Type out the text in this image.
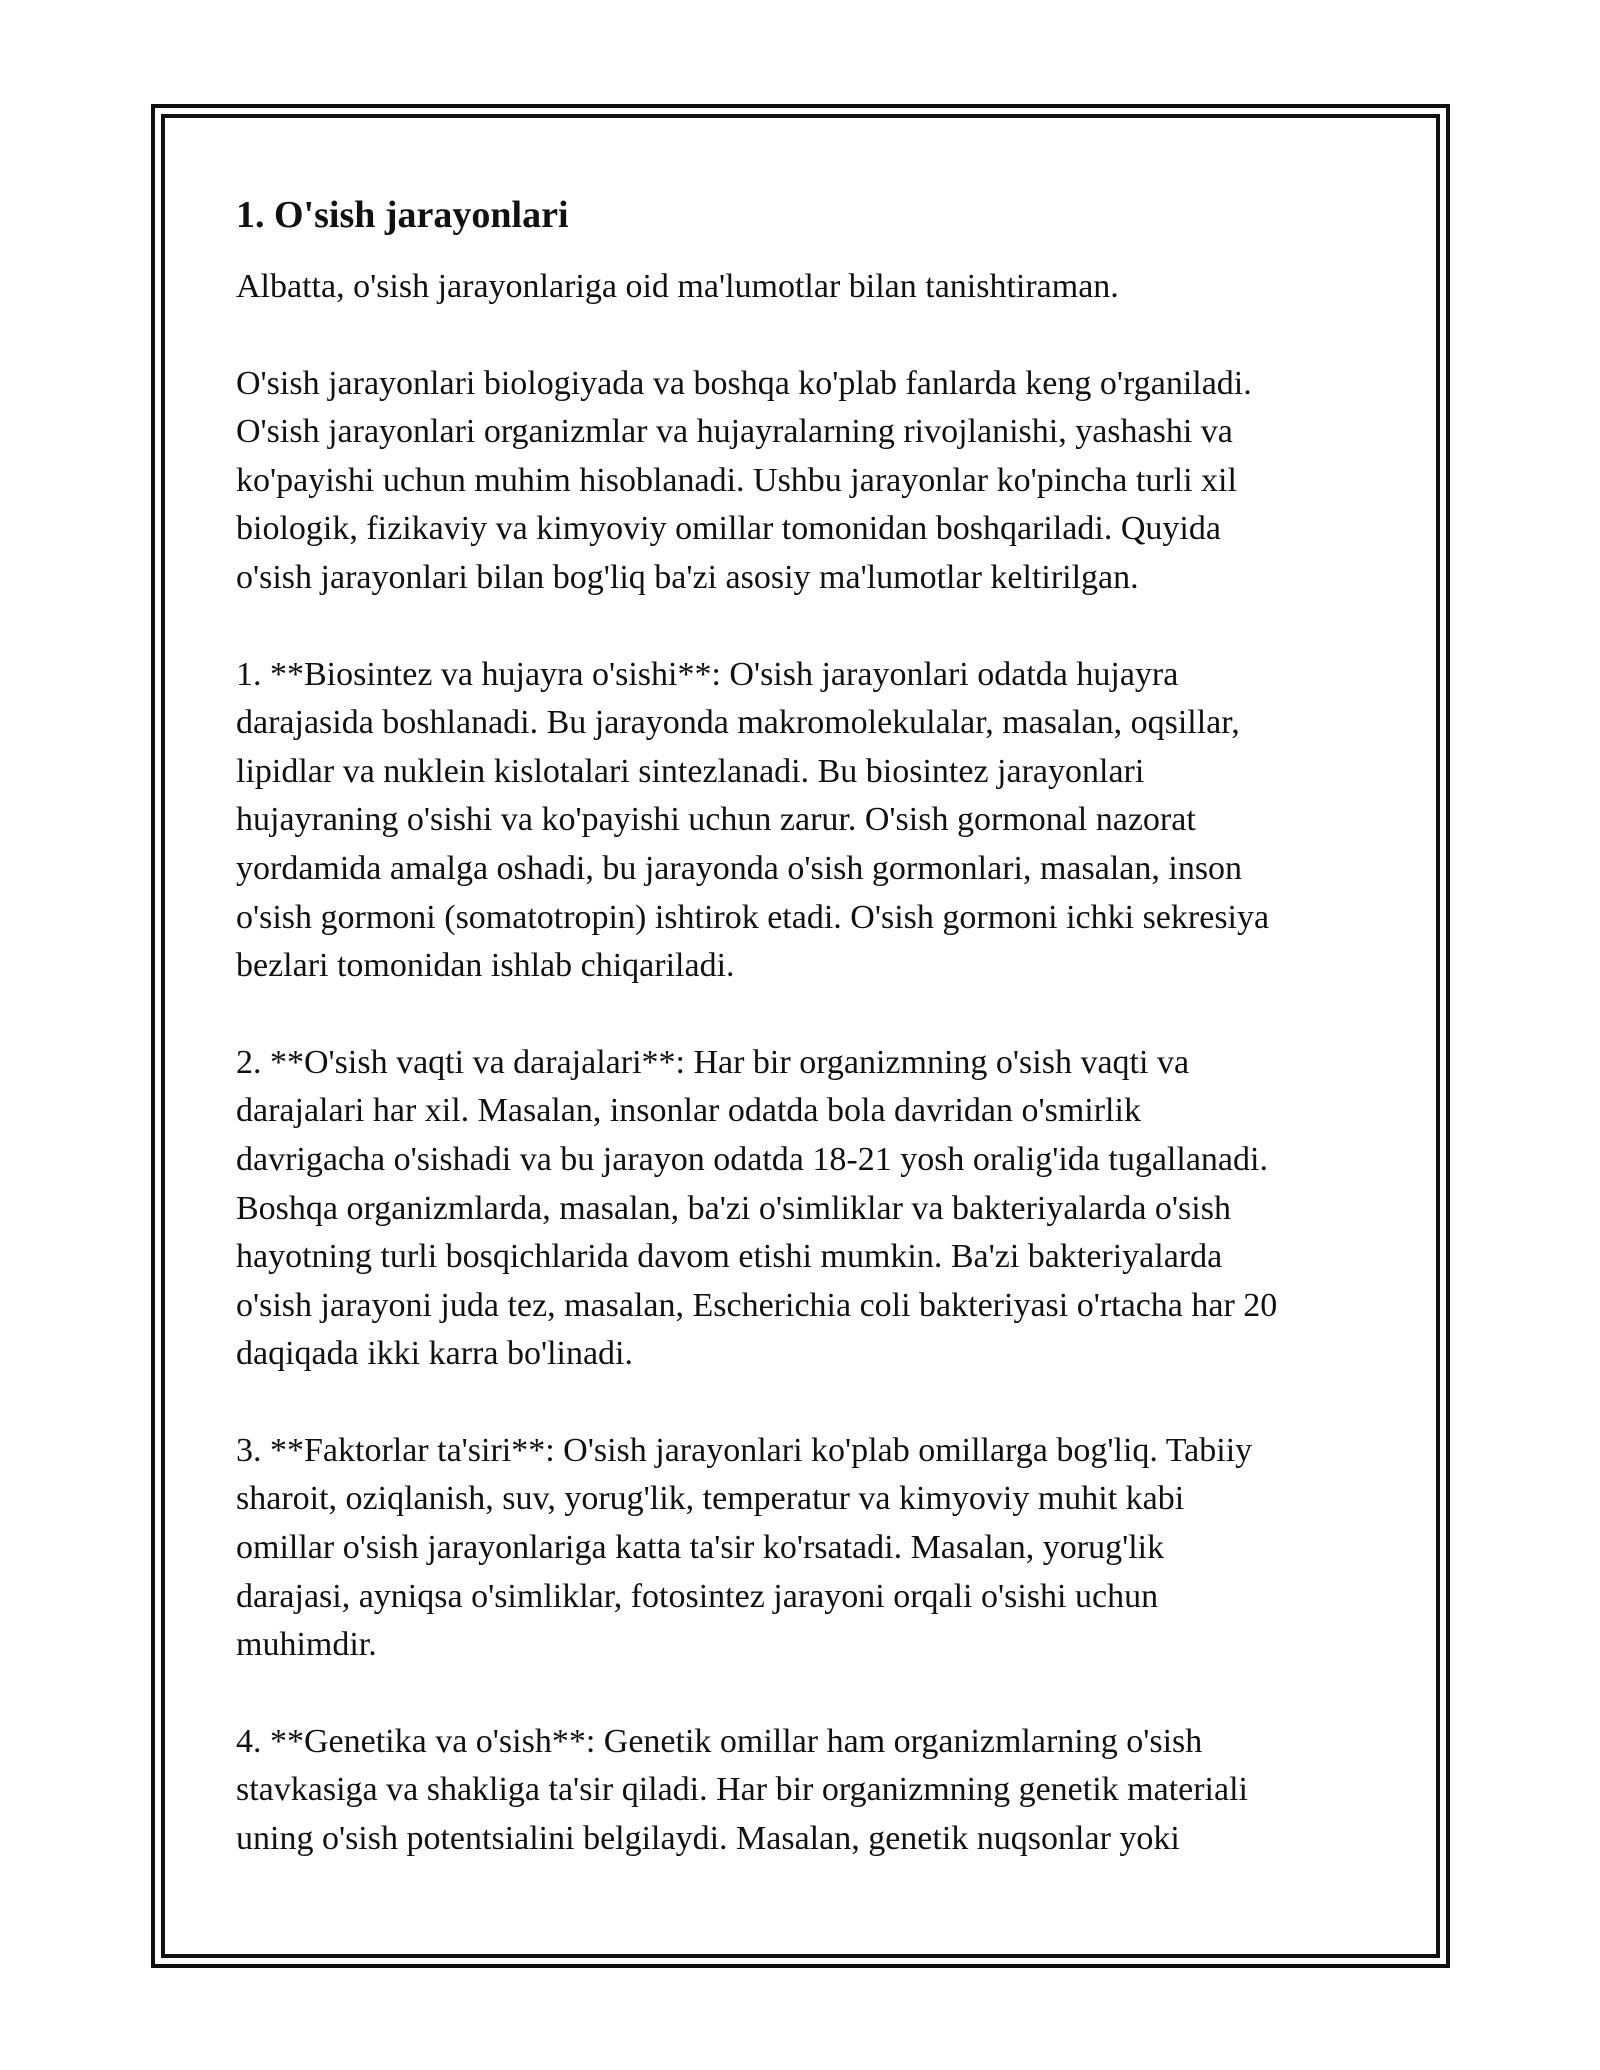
1. O'sish jarayonlari

Albatta, o'sish jarayonlariga oid ma'lumotlar bilan tanishtiraman.

O'sish jarayonlari biologiyada va boshqa ko'plab fanlarda keng o'rganiladi.
O'sish jarayonlari organizmlar va hujayralarning rivojlanishi, yashashi va
ko'payishi uchun muhim hisoblanadi. Ushbu jarayonlar ko'pincha turli xil
biologik, fizikaviy va kimyoviy omillar tomonidan boshqariladi. Quyida
o'sish jarayonlari bilan bog'liq ba'zi asosiy ma'lumotlar keltirilgan.

1. **Biosintez va hujayra o'sishi**: O'sish jarayonlari odatda hujayra
darajasida boshlanadi. Bu jarayonda makromolekulalar, masalan, oqsillar,
lipidlar va nuklein kislotalari sintezlanadi. Bu biosintez jarayonlari
hujayraning o'sishi va ko'payishi uchun zarur. O'sish gormonal nazorat
yordamida amalga oshadi, bu jarayonda o'sish gormonlari, masalan, inson
o'sish gormoni (somatotropin) ishtirok etadi. O'sish gormoni ichki sekresiya
bezlari tomonidan ishlab chiqariladi.

2. **O'sish vaqti va darajalari**: Har bir organizmning o'sish vaqti va
darajalari har xil. Masalan, insonlar odatda bola davridan o'smirlik
davrigacha o'sishadi va bu jarayon odatda 18-21 yosh oralig'ida tugallanadi.
Boshqa organizmlarda, masalan, ba'zi o'simliklar va bakteriyalarda o'sish
hayotning turli bosqichlarida davom etishi mumkin. Ba'zi bakteriyalarda
o'sish jarayoni juda tez, masalan, Escherichia coli bakteriyasi o'rtacha har 20
daqiqada ikki karra bo'linadi.

3. **Faktorlar ta'siri**: O'sish jarayonlari ko'plab omillarga bog'liq. Tabiiy
sharoit, oziqlanish, suv, yorug'lik, temperatur va kimyoviy muhit kabi
omillar o'sish jarayonlariga katta ta'sir ko'rsatadi. Masalan, yorug'lik
darajasi, ayniqsa o'simliklar, fotosintez jarayoni orqali o'sishi uchun
muhimdir.

4. **Genetika va o'sish**: Genetik omillar ham organizmlarning o'sish
stavkasiga va shakliga ta'sir qiladi. Har bir organizmning genetik materiali
uning o'sish potentsialini belgilaydi. Masalan, genetik nuqsonlar yoki
